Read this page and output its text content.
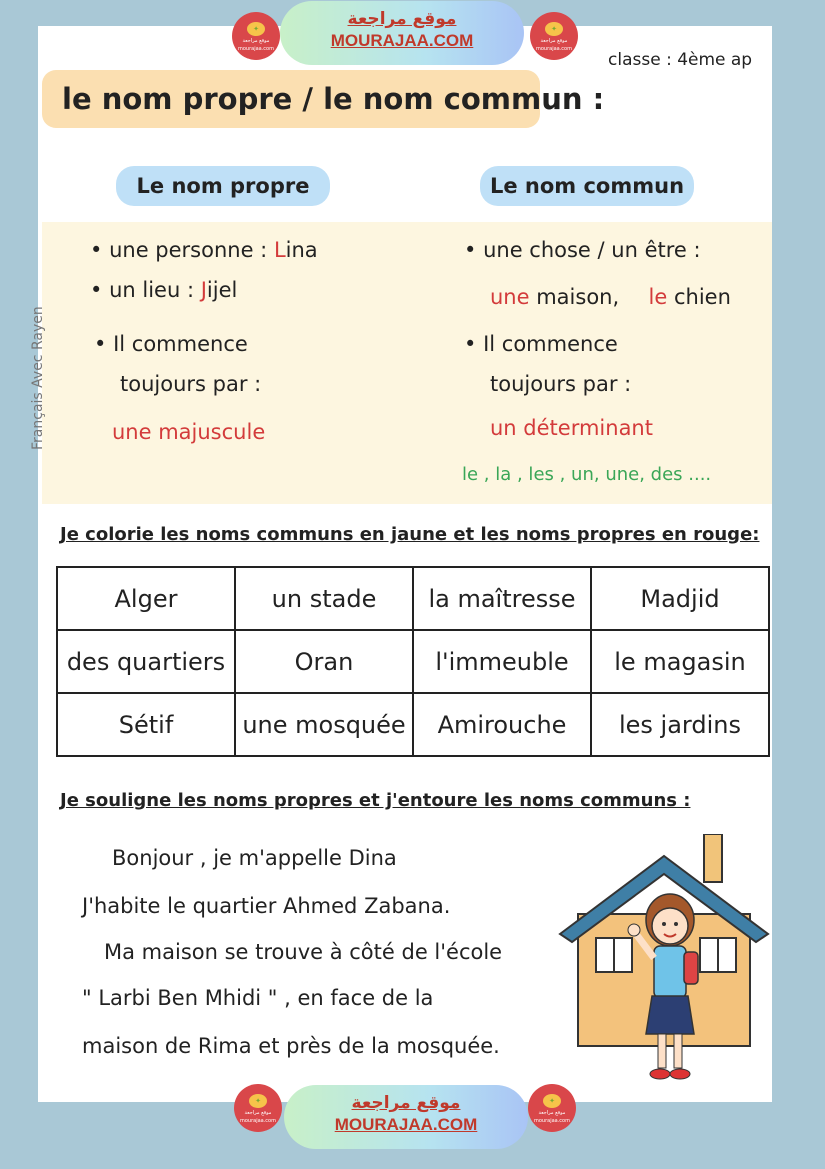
✦
موقع مراجعة
mourajaa.com
موقع مراجعة
MOURAJAA.COM
✦
موقع مراجعة
mourajaa.com
classe : 4ème ap
le nom propre / le nom commun :
Le nom propre	Le nom commun
Français Avec Rayen
• une personne : Lina
• un lieu : Jijel
• Il commence
toujours par :
une majuscule
• une chose / un être :
une maison, le chien
• Il commence
toujours par :
un déterminant
le , la , les , un, une, des ....
Je colorie les noms communs en jaune et les noms propres en rouge:
Alger	un stade	la maîtresse	Madjid
des quartiers	Oran	l'immeuble	le magasin
Sétif	une mosquée	Amirouche	les jardins
Je souligne les noms propres et j'entoure les noms communs :
Bonjour , je m'appelle Dina
J'habite le quartier Ahmed Zabana.
Ma maison se trouve à côté de l'école
" Larbi Ben Mhidi " , en face de la
maison de Rima et près de la mosquée.
✦
موقع مراجعة
mourajaa.com
موقع مراجعة
MOURAJAA.COM
✦
موقع مراجعة
mourajaa.com
